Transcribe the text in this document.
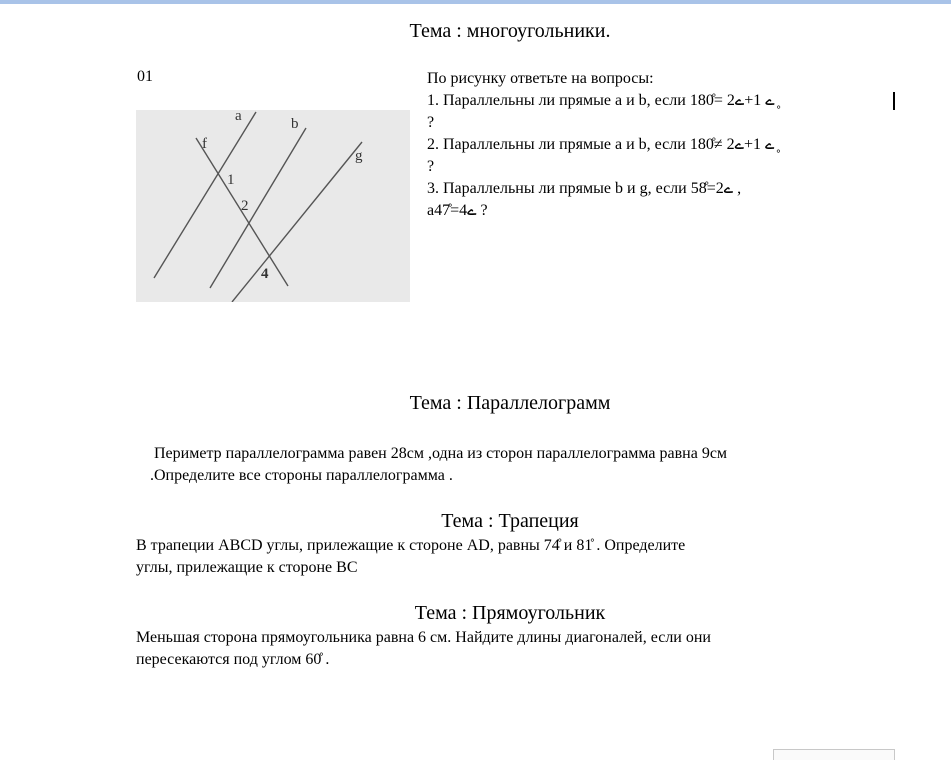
Тема : многоугольники.
01
a	b
f
g
1
2
4
По рисунку ответьте на вопросы:
1. Параллельны ли прямые a и b, если ے 1+ے2 =180̊ ̥
?
2. Параллельны ли прямые a и b, если ے 1+ے2 ≠180̊ ̥
?
3. Параллельны ли прямые b и g, если ے2=58̊ ,
aے4=47̊ ?
Тема : Параллелограмм
Периметр параллелограмма равен 28см ,одна из сторон параллелограмма равна 9см
.Определите все стороны параллелограмма .
Тема : Трапеция
В трапеции ABCD углы, прилежащие к стороне AD, равны 74̊ и 81̊ . Определите
углы, прилежащие к стороне BC
Тема : Прямоугольник
Меньшая сторона прямоугольника равна 6 см. Найдите длины диагоналей, если они
пересекаются под углом 60̊ .
